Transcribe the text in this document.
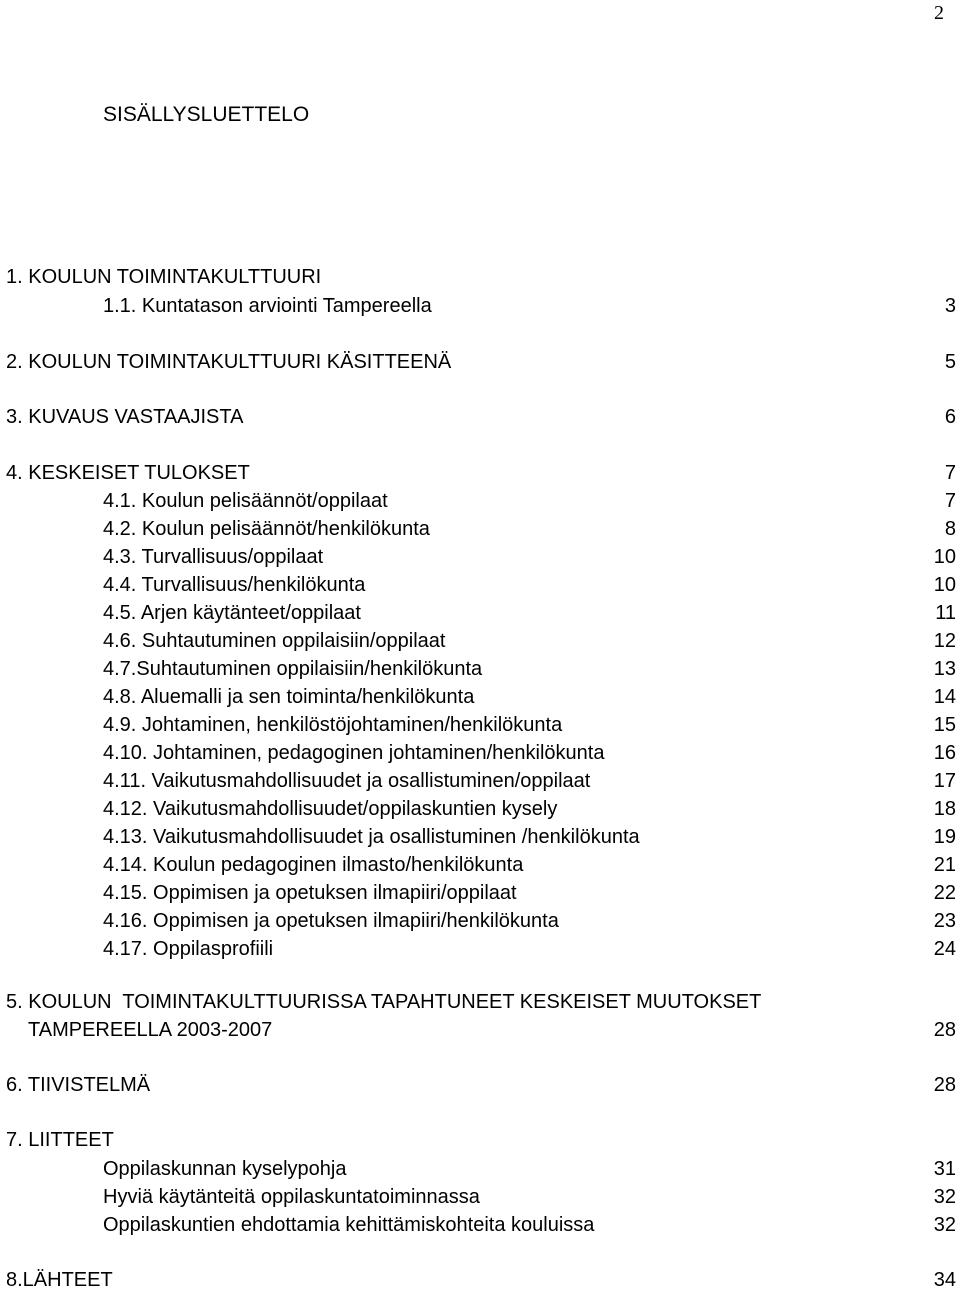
2
SISÄLLYSLUETTELO
1. KOULUN TOIMINTAKULTTUURI
1.1. Kuntatason arviointi Tampereella	3
2. KOULUN TOIMINTAKULTTUURI KÄSITTEENÄ	5
3. KUVAUS VASTAAJISTA	6
4. KESKEISET TULOKSET	7
4.1. Koulun pelisäännöt/oppilaat	7
4.2. Koulun pelisäännöt/henkilökunta	8
4.3. Turvallisuus/oppilaat	10
4.4. Turvallisuus/henkilökunta	10
4.5. Arjen käytänteet/oppilaat	11
4.6. Suhtautuminen oppilaisiin/oppilaat	12
4.7.Suhtautuminen oppilaisiin/henkilökunta	13
4.8. Aluemalli ja sen toiminta/henkilökunta	14
4.9. Johtaminen, henkilöstöjohtaminen/henkilökunta	15
4.10. Johtaminen, pedagoginen johtaminen/henkilökunta	16
4.11. Vaikutusmahdollisuudet ja osallistuminen/oppilaat	17
4.12. Vaikutusmahdollisuudet/oppilaskuntien kysely	18
4.13. Vaikutusmahdollisuudet ja osallistuminen /henkilökunta	19
4.14. Koulun pedagoginen ilmasto/henkilökunta	21
4.15. Oppimisen ja opetuksen ilmapiiri/oppilaat	22
4.16. Oppimisen ja opetuksen ilmapiiri/henkilökunta	23
4.17. Oppilasprofiili	24
5. KOULUN  TOIMINTAKULTTUURISSA TAPAHTUNEET KESKEISET MUUTOKSET
TAMPEREELLA 2003-2007	28
6. TIIVISTELMÄ	28
7. LIITTEET
Oppilaskunnan kyselypohja	31
Hyviä käytänteitä oppilaskuntatoiminnassa	32
Oppilaskuntien ehdottamia kehittämiskohteita kouluissa	32
8.LÄHTEET	34
